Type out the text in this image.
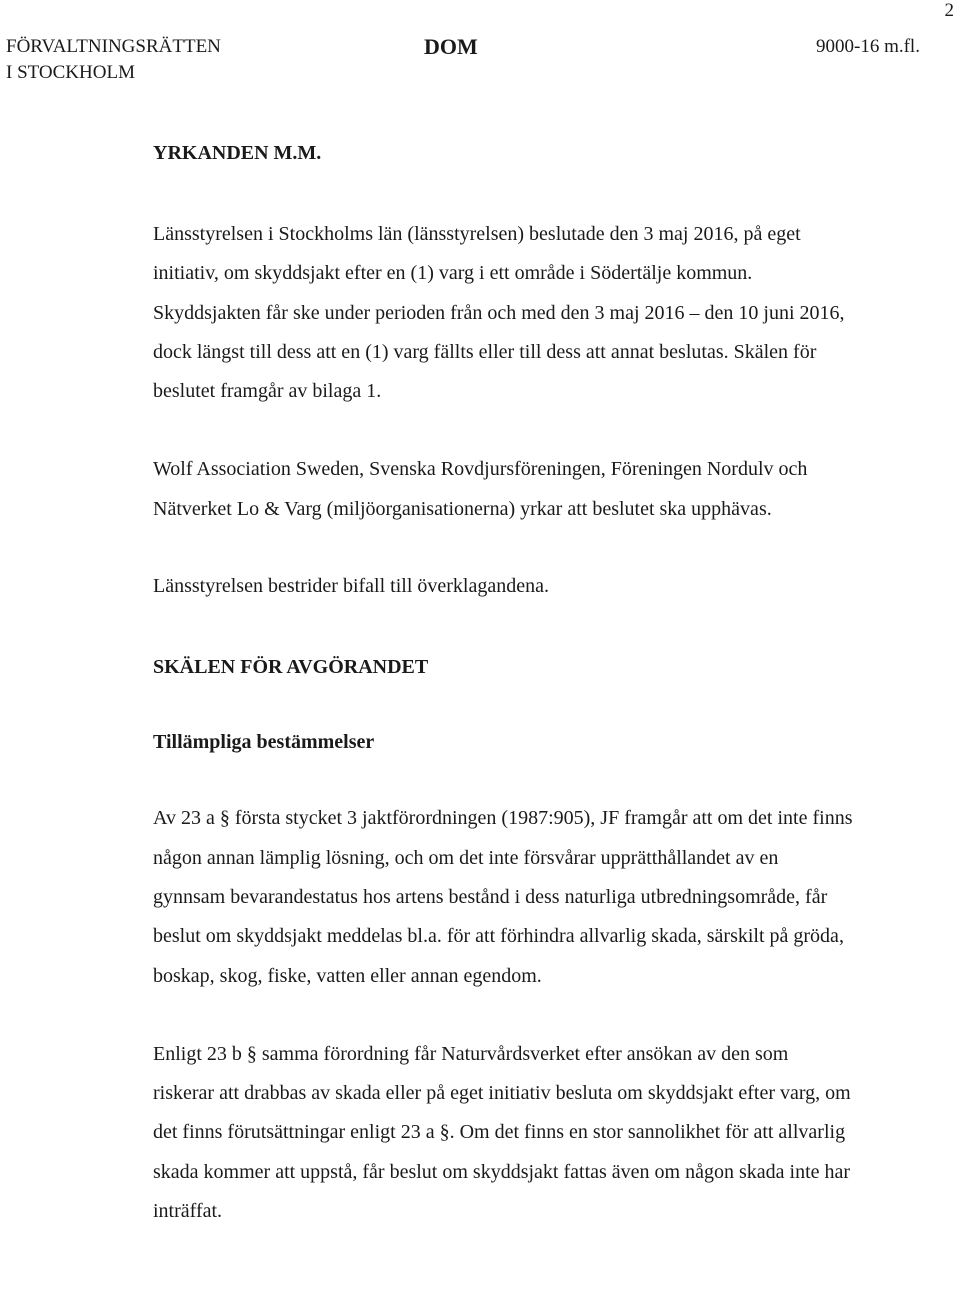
2
FÖRVALTNINGSRÄTTEN
I STOCKHOLM
DOM	9000-16 m.fl.
YRKANDEN M.M.

Länsstyrelsen i Stockholms län (länsstyrelsen) beslutade den 3 maj 2016, på eget initiativ, om skyddsjakt efter en (1) varg i ett område i Södertälje kommun. Skyddsjakten får ske under perioden från och med den 3 maj 2016 – den 10 juni 2016, dock längst till dess att en (1) varg fällts eller till dess att annat beslutas. Skälen för beslutet framgår av bilaga 1.

Wolf Association Sweden, Svenska Rovdjursföreningen, Föreningen Nordulv och Nätverket Lo & Varg (miljöorganisationerna) yrkar att beslutet ska upphävas.

Länsstyrelsen bestrider bifall till överklagandena.

SKÄLEN FÖR AVGÖRANDET
Tillämpliga bestämmelser

Av 23 a § första stycket 3 jaktförordningen (1987:905), JF framgår att om det inte finns någon annan lämplig lösning, och om det inte försvårar upprätthållandet av en gynnsam bevarandestatus hos artens bestånd i dess naturliga utbredningsområde, får beslut om skyddsjakt meddelas bl.a. för att förhindra allvarlig skada, särskilt på gröda, boskap, skog, fiske, vatten eller annan egendom.

Enligt 23 b § samma förordning får Naturvårdsverket efter ansökan av den som riskerar att drabbas av skada eller på eget initiativ besluta om skyddsjakt efter varg, om det finns förutsättningar enligt 23 a §. Om det finns en stor sannolikhet för att allvarlig skada kommer att uppstå, får beslut om skyddsjakt fattas även om någon skada inte har inträffat.
